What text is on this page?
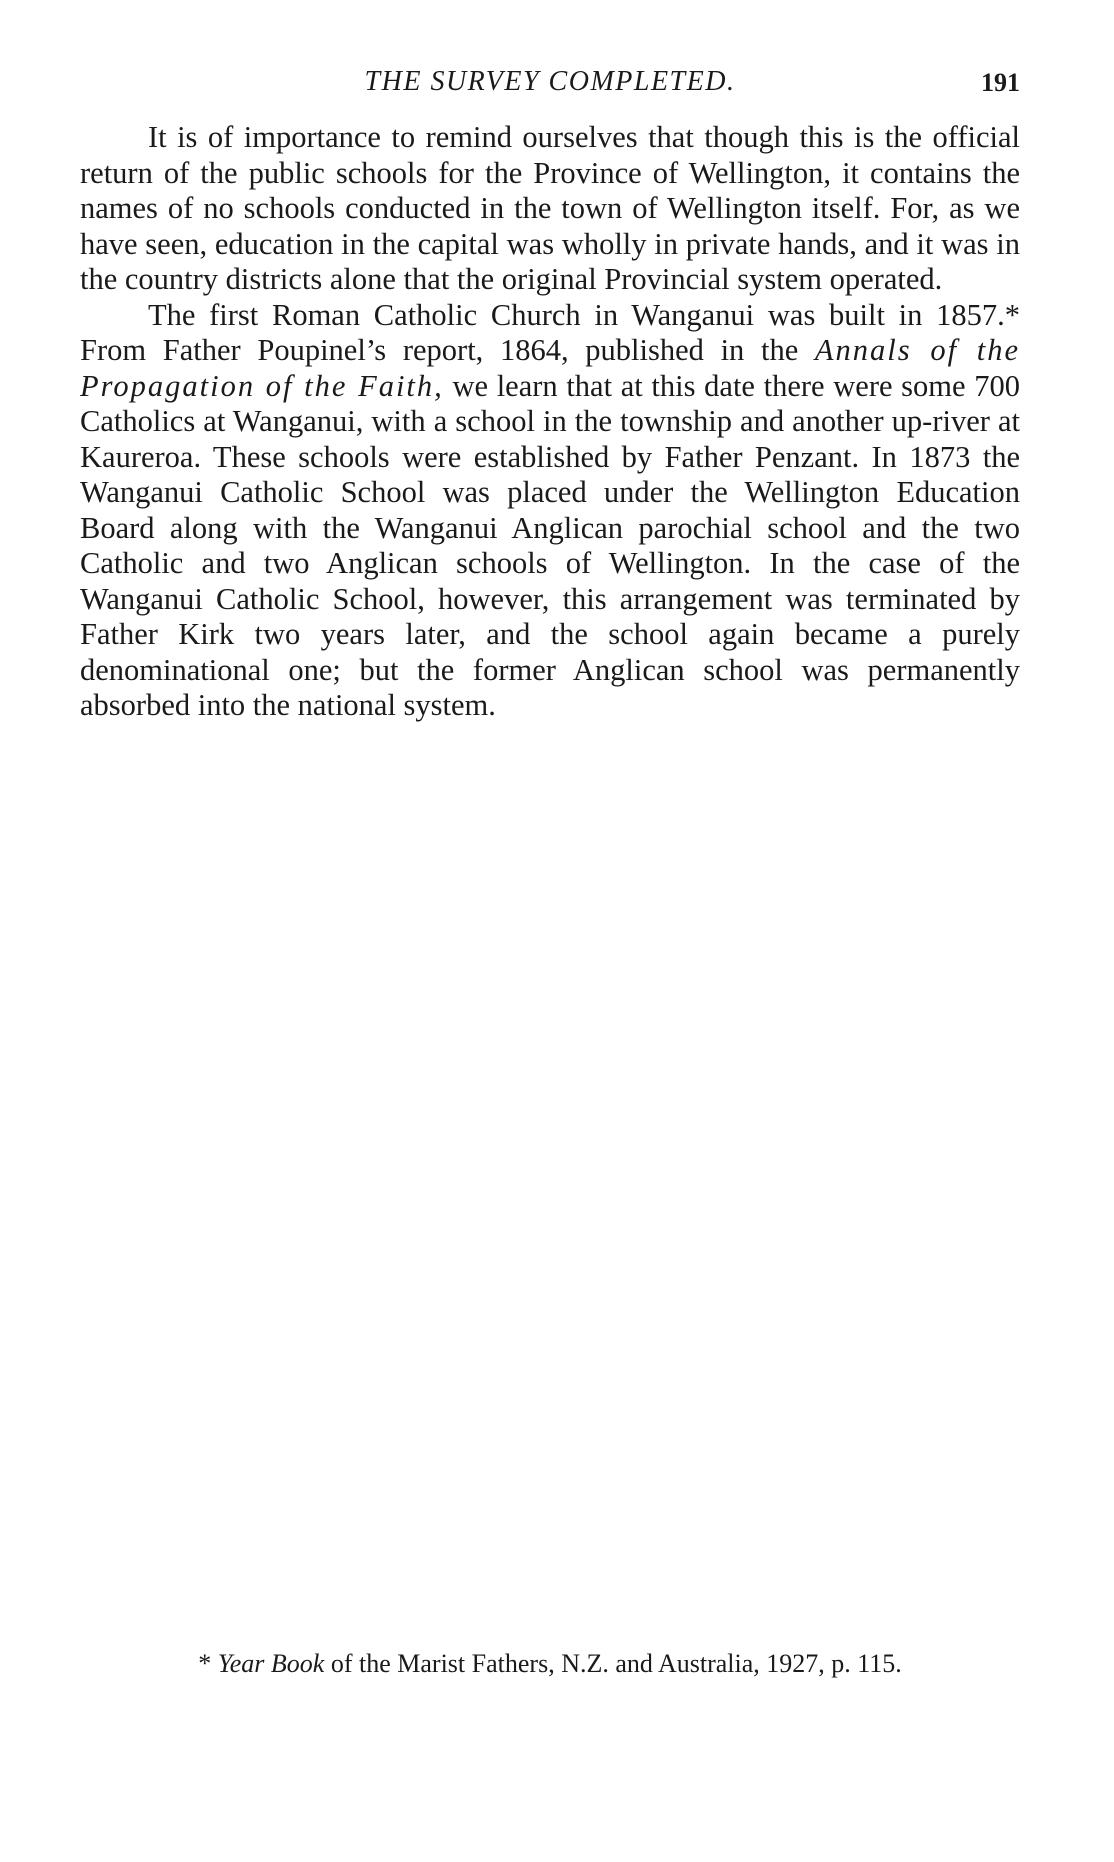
THE SURVEY COMPLETED.	191

It is of importance to remind ourselves that though this is the official return of the public schools for the Province of Wellington, it contains the names of no schools conducted in the town of Wellington itself. For, as we have seen, education in the capital was wholly in private hands, and it was in the country districts alone that the original Provincial system operated.

The first Roman Catholic Church in Wanganui was built in 1857.* From Father Poupinel’s report, 1864, published in the Annals of the Propagation of the Faith, we learn that at this date there were some 700 Catholics at Wanganui, with a school in the township and another up-river at Kaureroa. These schools were established by Father Penzant. In 1873 the Wanganui Catholic School was placed under the Wellington Education Board along with the Wanganui Anglican parochial school and the two Catholic and two Anglican schools of Wellington. In the case of the Wanganui Catholic School, however, this arrangement was terminated by Father Kirk two years later, and the school again became a purely denominational one; but the former Anglican school was permanently absorbed into the national system.

* Year Book of the Marist Fathers, N.Z. and Australia, 1927, p. 115.
